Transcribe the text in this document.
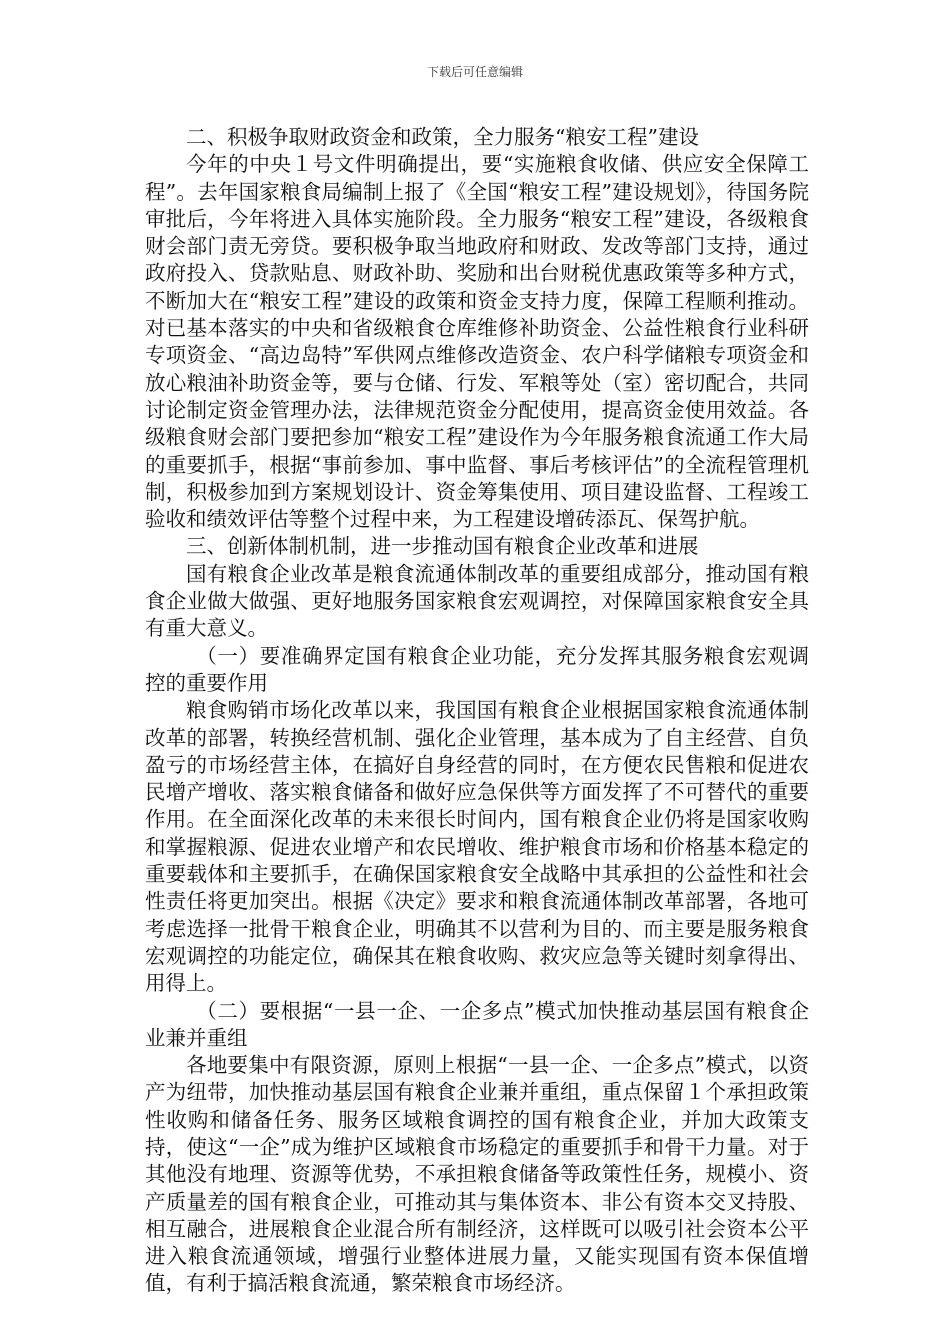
下载后可任意编辑

二、积极争取财政资金和政策，全力服务“粮安工程”建设

今年的中央１号文件明确提出，要“实施粮食收储、供应安全保障工程”。去年国家粮食局编制上报了《全国“粮安工程”建设规划》，待国务院审批后，今年将进入具体实施阶段。全力服务“粮安工程”建设，各级粮食财会部门责无旁贷。要积极争取当地政府和财政、发改等部门支持，通过政府投入、贷款贴息、财政补助、奖励和出台财税优惠政策等多种方式，不断加大在“粮安工程”建设的政策和资金支持力度，保障工程顺利推动。对已基本落实的中央和省级粮食仓库维修补助资金、公益性粮食行业科研专项资金、“高边岛特”军供网点维修改造资金、农户科学储粮专项资金和放心粮油补助资金等，要与仓储、行发、军粮等处（室）密切配合，共同讨论制定资金管理办法，法律规范资金分配使用，提高资金使用效益。各级粮食财会部门要把参加“粮安工程”建设作为今年服务粮食流通工作大局的重要抓手，根据“事前参加、事中监督、事后考核评估”的全流程管理机制，积极参加到方案规划设计、资金筹集使用、项目建设监督、工程竣工验收和绩效评估等整个过程中来，为工程建设增砖添瓦、保驾护航。

三、创新体制机制，进一步推动国有粮食企业改革和进展

国有粮食企业改革是粮食流通体制改革的重要组成部分，推动国有粮食企业做大做强、更好地服务国家粮食宏观调控，对保障国家粮食安全具有重大意义。

（一）要准确界定国有粮食企业功能，充分发挥其服务粮食宏观调控的重要作用

粮食购销市场化改革以来，我国国有粮食企业根据国家粮食流通体制改革的部署，转换经营机制、强化企业管理，基本成为了自主经营、自负盈亏的市场经营主体，在搞好自身经营的同时，在方便农民售粮和促进农民增产增收、落实粮食储备和做好应急保供等方面发挥了不可替代的重要作用。在全面深化改革的未来很长时间内，国有粮食企业仍将是国家收购和掌握粮源、促进农业增产和农民增收、维护粮食市场和价格基本稳定的重要载体和主要抓手，在确保国家粮食安全战略中其承担的公益性和社会性责任将更加突出。根据《决定》要求和粮食流通体制改革部署，各地可考虑选择一批骨干粮食企业，明确其不以营利为目的、而主要是服务粮食宏观调控的功能定位，确保其在粮食收购、救灾应急等关键时刻拿得出、用得上。

（二）要根据“一县一企、一企多点”模式加快推动基层国有粮食企业兼并重组

各地要集中有限资源，原则上根据“一县一企、一企多点”模式，以资产为纽带，加快推动基层国有粮食企业兼并重组，重点保留１个承担政策性收购和储备任务、服务区域粮食调控的国有粮食企业，并加大政策支持，使这“一企”成为维护区域粮食市场稳定的重要抓手和骨干力量。对于其他没有地理、资源等优势，不承担粮食储备等政策性任务，规模小、资产质量差的国有粮食企业，可推动其与集体资本、非公有资本交叉持股、相互融合，进展粮食企业混合所有制经济，这样既可以吸引社会资本公平进入粮食流通领域，增强行业整体进展力量，又能实现国有资本保值增值，有利于搞活粮食流通，繁荣粮食市场经济。
